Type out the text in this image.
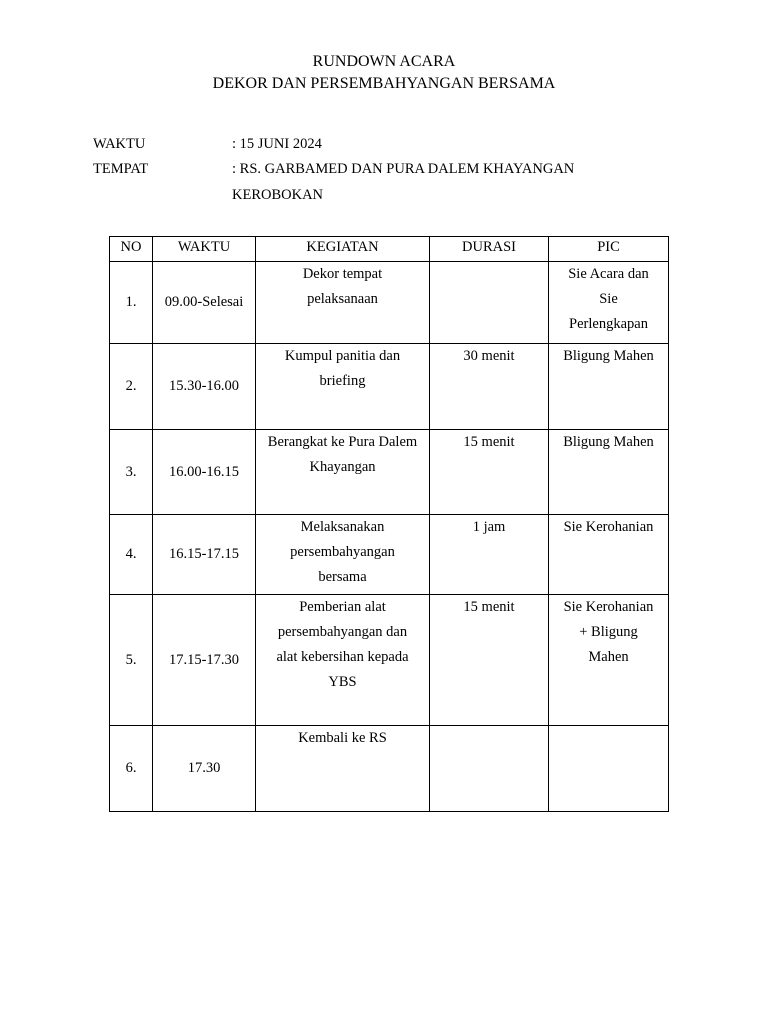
RUNDOWN ACARA
DEKOR DAN PERSEMBAHYANGAN BERSAMA
WAKTU	: 15 JUNI 2024
TEMPAT	: RS. GARBAMED DAN PURA DALEM KHAYANGAN
KEROBOKAN
NO	WAKTU	KEGIATAN	DURASI	PIC
1.	09.00-Selesai	Dekor tempat pelaksanaan		Sie Acara dan Sie Perlengkapan
2.	15.30-16.00	Kumpul panitia dan briefing	30 menit	Bligung Mahen
3.	16.00-16.15	Berangkat ke Pura Dalem Khayangan	15 menit	Bligung Mahen
4.	16.15-17.15	Melaksanakan persembahyangan bersama	1 jam	Sie Kerohanian
5.	17.15-17.30	Pemberian alat persembahyangan dan alat kebersihan kepada YBS	15 menit	Sie Kerohanian + Bligung Mahen
6.	17.30	Kembali ke RS		
